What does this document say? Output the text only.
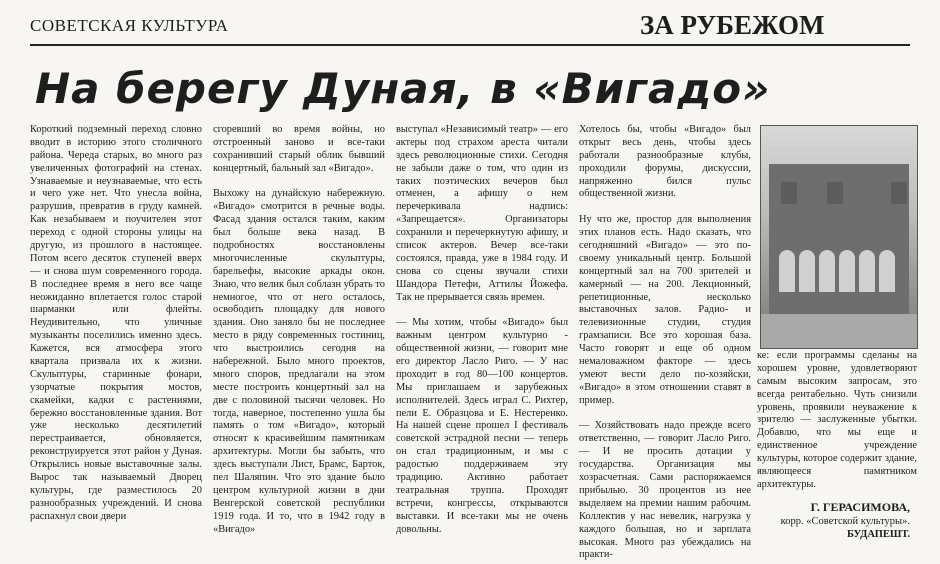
СОВЕТСКАЯ КУЛЬТУРА	ЗА РУБЕЖОМ
На берегу Дуная, в «Вигадо»
Короткий подземный переход словно вводит в историю этого столичного района. Череда старых, во много раз увеличенных фотографий на стенах. Узнаваемые и неузнаваемые, что есть и чего уже нет. Что унесла война, разрушив, превратив в груду камней. Как незабываем и поучителен этот переход с одной стороны улицы на другую, из прошлого в настоящее. Потом всего десяток ступеней вверх — и снова шум современного города. В последнее время в него все чаще неожиданно вплетается голос старой шарманки или флейты. Неудивительно, что уличные музыканты поселились именно здесь. Кажется, вся атмосфера этого квартала призвала их к жизни. Скульптуры, старинные фонари, узорчатые покрытия мостов, скамейки, кадки с растениями, бережно восстановленные здания. Вот уже несколько десятилетий перестраивается, обновляется, реконструируется этот район у Дуная. Открылись новые выставочные залы. Вырос так называемый Дворец культуры, где разместилось 20 разнообразных учреждений. И снова распахнул свои двери
сгоревший во время войны, но отстроенный заново и все-таки сохранивший старый облик бывший концертный, бальный зал «Вигадо».

Выхожу на дунайскую набережную. «Вигадо» смотрится в речные воды. Фасад здания остался таким, каким был больше века назад. В подробностях восстановлены многочисленные скульптуры, барельефы, высокие аркады окон. Знаю, что велик был соблазн убрать то немногое, что от него осталось, освободить площадку для нового здания. Оно заняло бы не последнее место в ряду современных гостиниц, что выстроились сегодня на набережной. Было много проектов, много споров, предлагали на этом месте построить концертный зал на две с половиной тысячи человек. Но тогда, наверное, постепенно ушла бы память о том «Вигадо», который относят к красивейшим памятникам архитектуры. Могли бы забыть, что здесь выступали Лист, Брамс, Барток, пел Шаляпин. Что это здание было центром культурной жизни в дни Венгерской советской республики 1919 года. И то, что в 1942 году в «Вигадо»
выступал «Независимый театр» — его актеры под страхом ареста читали здесь революционные стихи. Сегодня не забыли даже о том, что один из таких поэтических вечеров был отменен, а афишу о нем перечеркивала надпись: «Запрещается». Организаторы сохранили и перечеркнутую афишу, и список актеров. Вечер все-таки состоялся, правда, уже в 1984 году. И снова со сцены звучали стихи Шандора Петефи, Аттилы Йожефа. Так не прерывается связь времен.

— Мы хотим, чтобы «Вигадо» был важным центром культурно - общественной жизни, — говорит мне его директор Ласло Риго. — У нас проходит в год 80—100 концертов. Мы приглашаем и зарубежных исполнителей. Здесь играл С. Рихтер, пели Е. Образцова и Е. Нестеренко. На нашей сцене прошел I фестиваль советской эстрадной песни — теперь он стал традиционным, и мы с радостью поддерживаем эту традицию. Активно работает театральная труппа. Проходят встречи, конгрессы, открываются выставки. И все-таки мы не очень довольны.
Хотелось бы, чтобы «Вигадо» был открыт весь день, чтобы здесь работали разнообразные клубы, проходили форумы, дискуссии, напряженно бился пульс общественной жизни.

Ну что же, простор для выполнения этих планов есть. Надо сказать, что сегодняшний «Вигадо» — это по-своему уникальный центр. Большой концертный зал на 700 зрителей и камерный — на 200. Лекционный, репетиционные, несколько выставочных залов. Радио- и телевизионные студии, студия грамзаписи. Все это хорошая база. Часто говорят и еще об одном немаловажном факторе — здесь умеют вести дело по-хозяйски, «Вигадо» в этом отношении ставят в пример.

— Хозяйствовать надо прежде всего ответственно, — говорит Ласло Риго. — И не просить дотации у государства. Организация мы хозрасчетная. Сами распоряжаемся прибылью. 30 процентов из нее выделяем на премии нашим рабочим. Коллектив у нас невелик, нагрузка у каждого большая, но и зарплата высокая. Много раз убеждались на практи-
ке: если программы сделаны на хорошем уровне, удовлетворяют самым высоким запросам, это всегда рентабельно. Чуть снизили уровень, проявили неуважение к зрителю — заслуженные убытки. Добавлю, что мы еще и единственное учреждение культуры, которое содержит здание, являющееся памятником архитектуры.
Г. ГЕРАСИМОВА,
корр. «Советской культуры».
БУДАПЕШТ.
